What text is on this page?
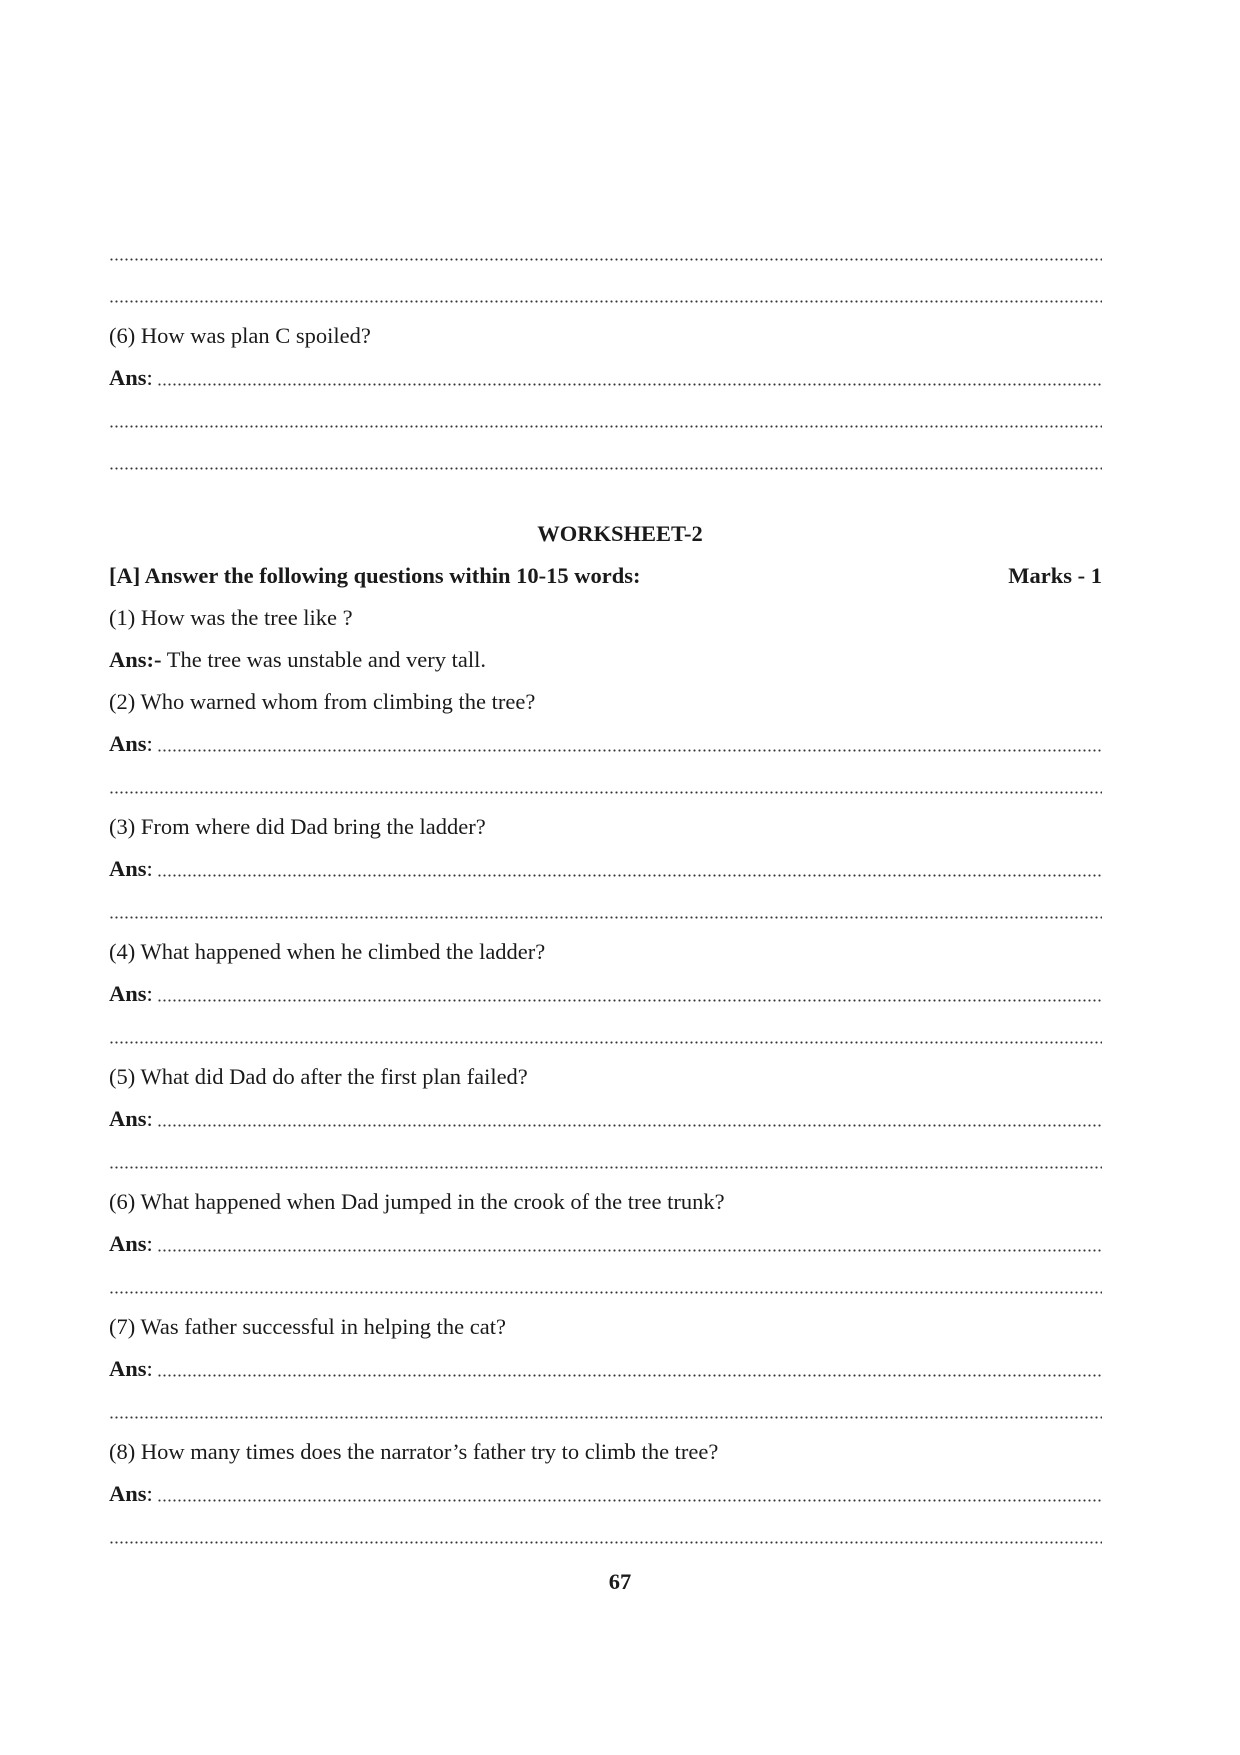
(6) How was plan C spoiled?
Ans:
WORKSHEET-2
[A] Answer the following questions within 10-15 words:	Marks - 1
(1) How was the tree like ?
Ans:- The tree was unstable and very tall.
(2) Who warned whom from climbing the tree?
Ans:
(3) From where did Dad bring the ladder?
Ans:
(4) What happened when he climbed the ladder?
Ans:
(5) What did Dad do after the first plan failed?
Ans:
(6) What happened when Dad jumped in the crook of the tree trunk?
Ans:
(7) Was father successful in helping the cat?
Ans:
(8) How many times does the narrator’s father try to climb the tree?
Ans:
67
